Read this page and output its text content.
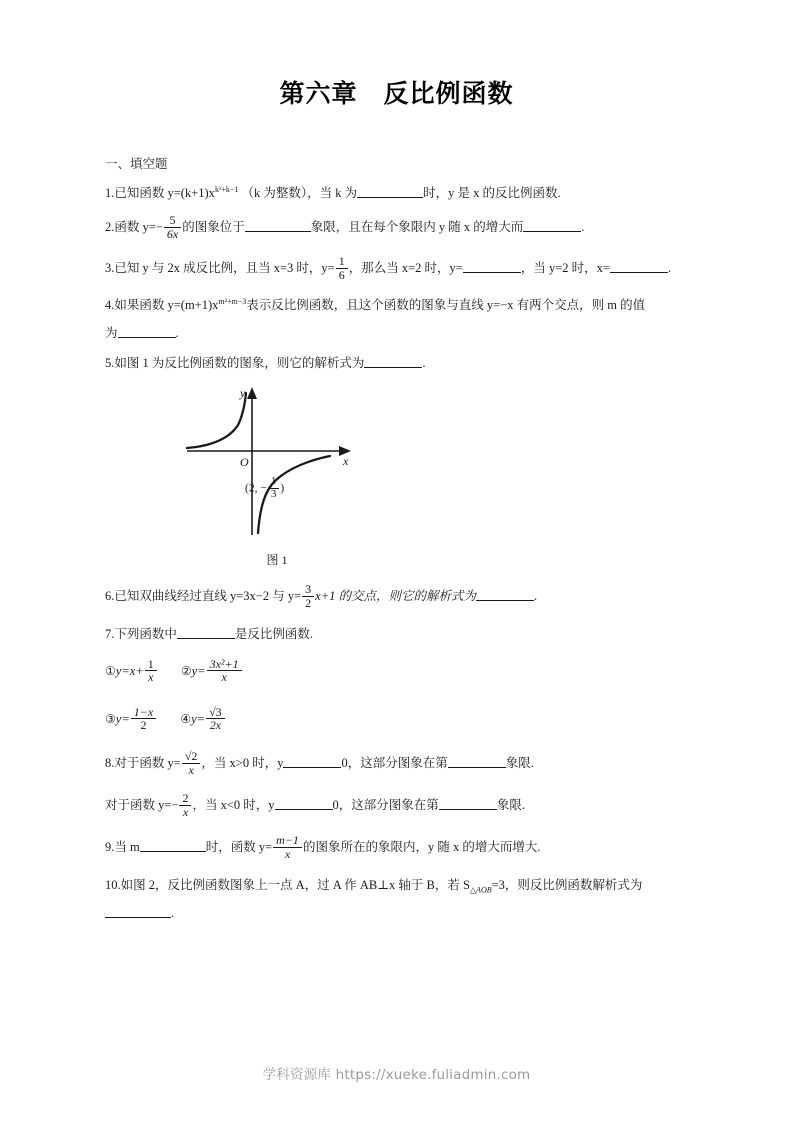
第六章　反比例函数
一、填空题
1.已知函数 $y=(k+1)x^{k^2+k-1}$ （k 为整数），当 k 为	时，y 是 x 的反比例函数.
2.函数 $y=- \frac{5}{6x}$ 的图象位于	象限，且在每个象限内 y 随 x 的增大而	.
3.已知 y 与 2x 成反比例，且当 x=3 时，$y= \frac{1}{6}$ ，那么当 x=2 时，y=	，当 y=2 时，x=	.
4.如果函数 $y=(m+1)x^{m^2+m-3}$表示反比例函数，且这个函数的图象与直线 y=−x 有两个交点，则 m 的值
为	.
5.如图 1 为反比例函数的图象，则它的解析式为	.
O	x
y
(2, − $\frac{1}{3}$ )
图 1
6.已知双曲线经过直线 y=3x−2 与 $y= \frac{3}{2} x+1$ 的交点，则它的解析式为	.
7.下列函数中	是反比例函数.
①y=x+ $\frac{1}{x}$ ②y= $\frac{\text{3x²+1}}{x}$
③y= $\frac{1-x}{2}$ ④y= $\frac{√3}{2x}$
8.对于函数 $y= \frac{√2}{x}$ ，当 x>0 时，y	0，这部分图象在第	象限.
对于函数 $y=- \frac{2}{x}$ ，当 x<0 时，y	0，这部分图象在第	象限.
9.当 m	时，函数 $y= \frac{m-1}{x}$ 的图象所在的象限内，y 随 x 的增大而增大.
10.如图 2，反比例函数图象上一点 A，过 A 作 AB⊥x 轴于 B，若 $S_{\triangle AOB}=3$，则反比例函数解析式为
.
学科资源库 https://xueke.fuliadmin.com
